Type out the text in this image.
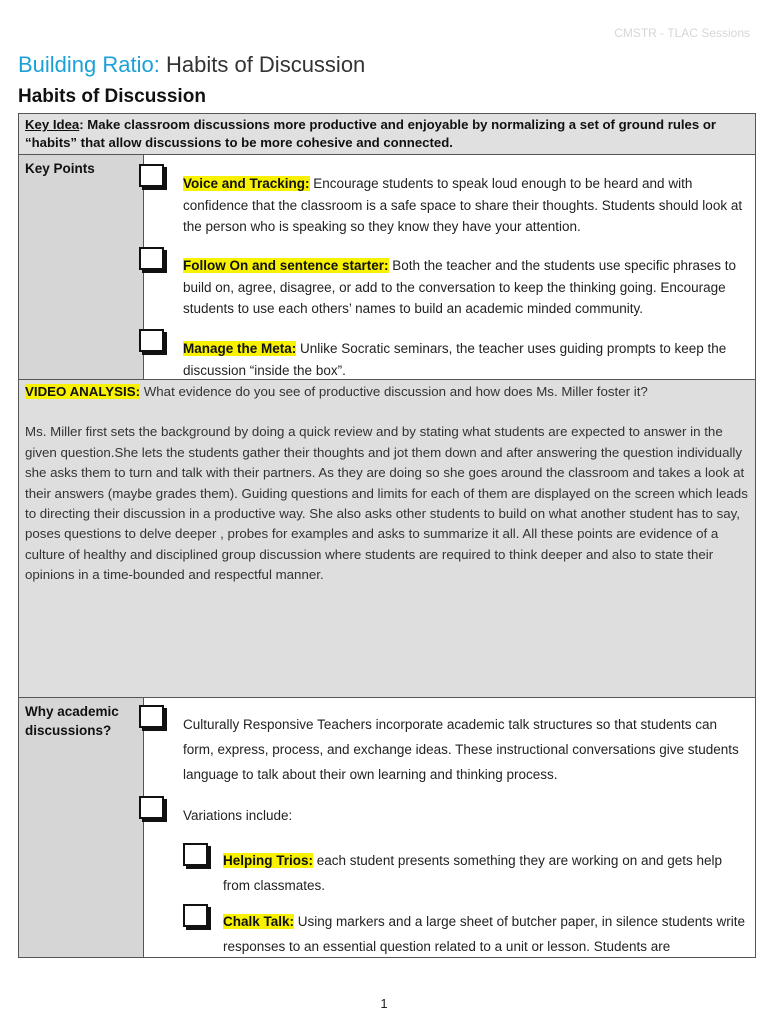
CMSTR - TLAC Sessions
Building Ratio: Habits of Discussion
Habits of Discussion
Key Idea: Make classroom discussions more productive and enjoyable by normalizing a set of ground rules or “habits” that allow discussions to be more cohesive and connected.
Key Points
Voice and Tracking: Encourage students to speak loud enough to be heard and with confidence that the classroom is a safe space to share their thoughts. Students should look at the person who is speaking so they know they have your attention.
Follow On and sentence starter: Both the teacher and the students use specific phrases to build on, agree, disagree, or add to the conversation to keep the thinking going. Encourage students to use each others’ names to build an academic minded community.
Manage the Meta: Unlike Socratic seminars, the teacher uses guiding prompts to keep the discussion “inside the box”.

VIDEO ANALYSIS: What evidence do you see of productive discussion and how does Ms. Miller foster it?

Ms. Miller first sets the background by doing a quick review and by stating what students are expected to answer in the given question.She lets the students gather their thoughts and jot them down and after answering the question individually she asks them to turn and talk with their partners. As they are doing so she goes around the classroom and takes a look at their answers (maybe grades them). Guiding questions and limits for each of them are displayed on the screen which leads to directing their discussion in a productive way. She also asks other students to build on what another student has to say, poses questions to delve deeper , probes for examples and asks to summarize it all. All these points are evidence of a culture of healthy and disciplined group discussion where students are required to think deeper and also to state their opinions in a time-bounded and respectful manner.

Why academic discussions?	Culturally Responsive Teachers incorporate academic talk structures so that students can form, express, process, and exchange ideas. These instructional conversations give students language to talk about their own learning and thinking process.
Variations include:
Helping Trios: each student presents something they are working on and gets help from classmates.
Chalk Talk: Using markers and a large sheet of butcher paper, in silence students write responses to an essential question related to a unit or lesson. Students are
1
